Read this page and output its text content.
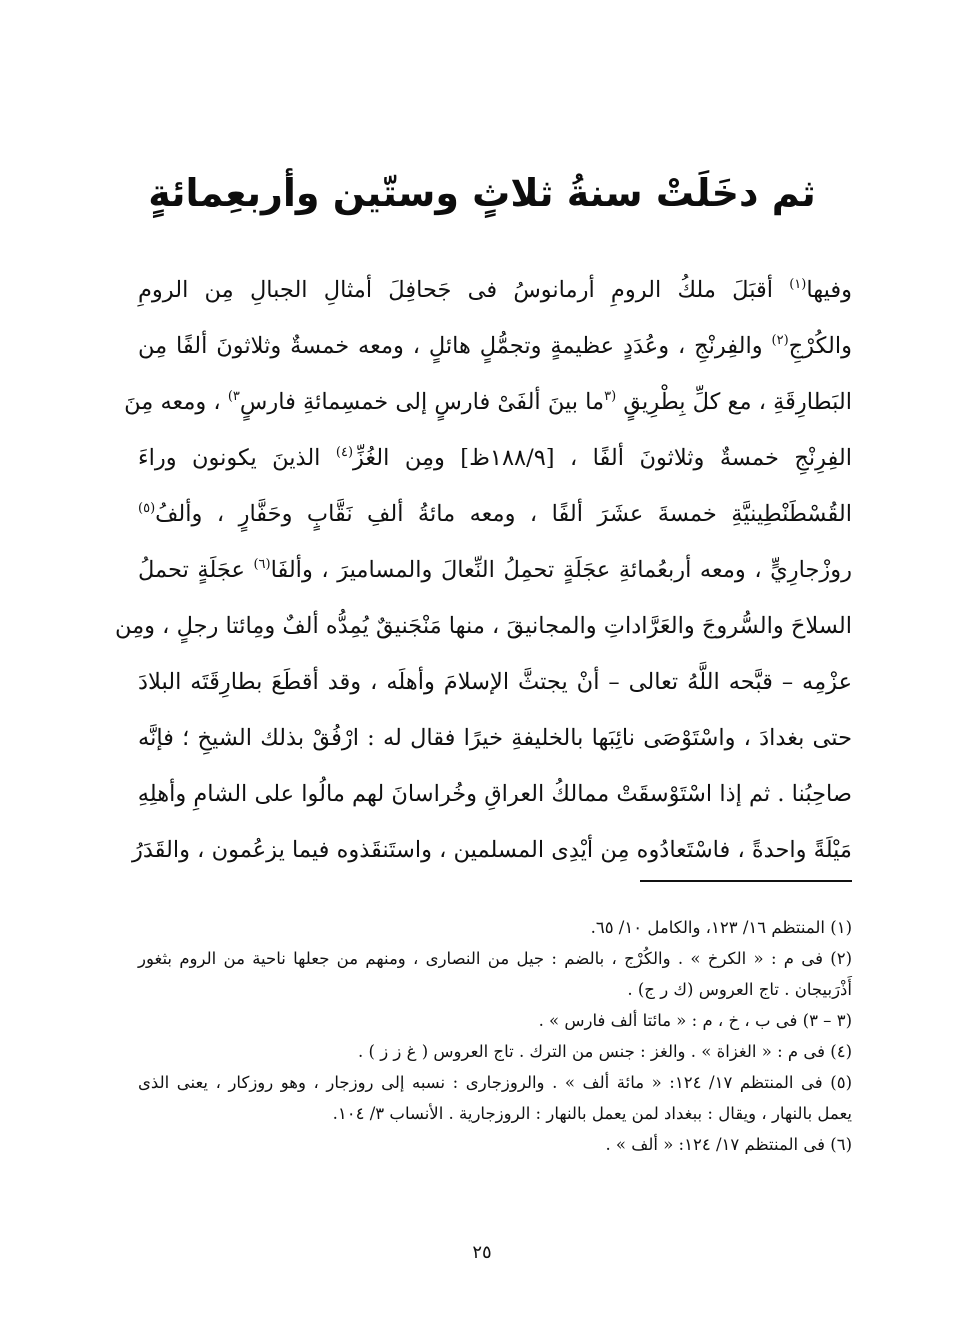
ثم دخَلَتْ سنةُ ثلاثٍ وستّين وأربعِمائةٍ
وفيها$^{(١)}$ أقبَلَ ملكُ الرومِ أرمانوسُ فى جَحافِلَ أمثالِ الجبالِ مِن الرومِ
والكُرْجِ$^{(٢)}$ والفِرنْجِ ، وعُدَدٍ عظيمةٍ وتجمُّلٍ هائلٍ ، ومعه خمسةٌ وثلاثونَ ألفًا مِن
البَطارِقَةِ ، مع كلِّ بِطْرِيقٍ $^{(٣}$ما بينَ ألفَىْ فارسٍ إلى خمسِمائةِ فارسٍ$^{٣)}$ ، ومعه مِنَ
الفِرِنْجِ خمسةٌ وثلاثونَ ألفًا ، [١٨٨/٩ظ] ومِن الغُزِّ$^{(٤)}$ الذينَ يكونون وراءَ
القُسْطَنْطِينيَّةِ خمسةَ عشَرَ ألفًا ، ومعه مائةُ ألفِ نَقَّابٍ وحَفَّارٍ ، وألفُ$^{(٥)}$
روزْجارِيٍّ ، ومعه أربعُمائةِ عجَلَةٍ تحمِلُ النِّعالَ والمساميرَ ، وألفَا$^{(٦)}$ عجَلَةٍ تحملُ
السلاحَ والسُّروجَ والعَرَّاداتِ والمجانيقَ ، منها مَنْجَنيقٌ يُمِدُّه ألفٌ ومِائتا رجلٍ ، ومِن
عزْمِه – قبَّحه اللَّهُ تعالى – أنْ يجتثَّ الإسلامَ وأهلَه ، وقد أقطَعَ بطارِقَتَه البلادَ
حتى بغدادَ ، واسْتَوْصَى نائِبَها بالخليفةِ خيرًا فقال له : ارْفُقْ بذلك الشيخِ ؛ فإنَّه
صاحِبُنا . ثم إذا اسْتَوْسقَتْ ممالكُ العراقِ وخُراسانَ لهم مالُوا على الشامِ وأهلِهِ
مَيْلَةً واحدةً ، فاسْتَعادُوه مِن أيْدِى المسلمين ، واستَنقَذوه فيما يزعُمون ، والقَدَرُ
(١) المنتظم ١٦/ ١٢٣، والكامل ١٠/ ٦٥.
(٢) فى م : « الكرخ » . والكُرْج ، بالضم : جيل من النصارى ، ومنهم من جعلها ناحية من الروم بثغور
أَذْرَبيجان . تاج العروس (ك ر ج) .
(٣ – ٣) فى ب ، خ ، م : « مائتا ألف فارس » .
(٤) فى م : « الغزاة » . والغز : جنس من الترك . تاج العروس ( غ ز ز ) .
(٥) فى المنتظم ١٧/ ١٢٤: « مائة ألف » . والروزجارى : نسبه إلى روزجار ، وهو روزكار ، يعنى الذى
يعمل بالنهار ، ويقال : ببغداد لمن يعمل بالنهار : الروزجارية . الأنساب ٣/ ١٠٤.
(٦) فى المنتظم ١٧/ ١٢٤: « ألف » .
٢٥
